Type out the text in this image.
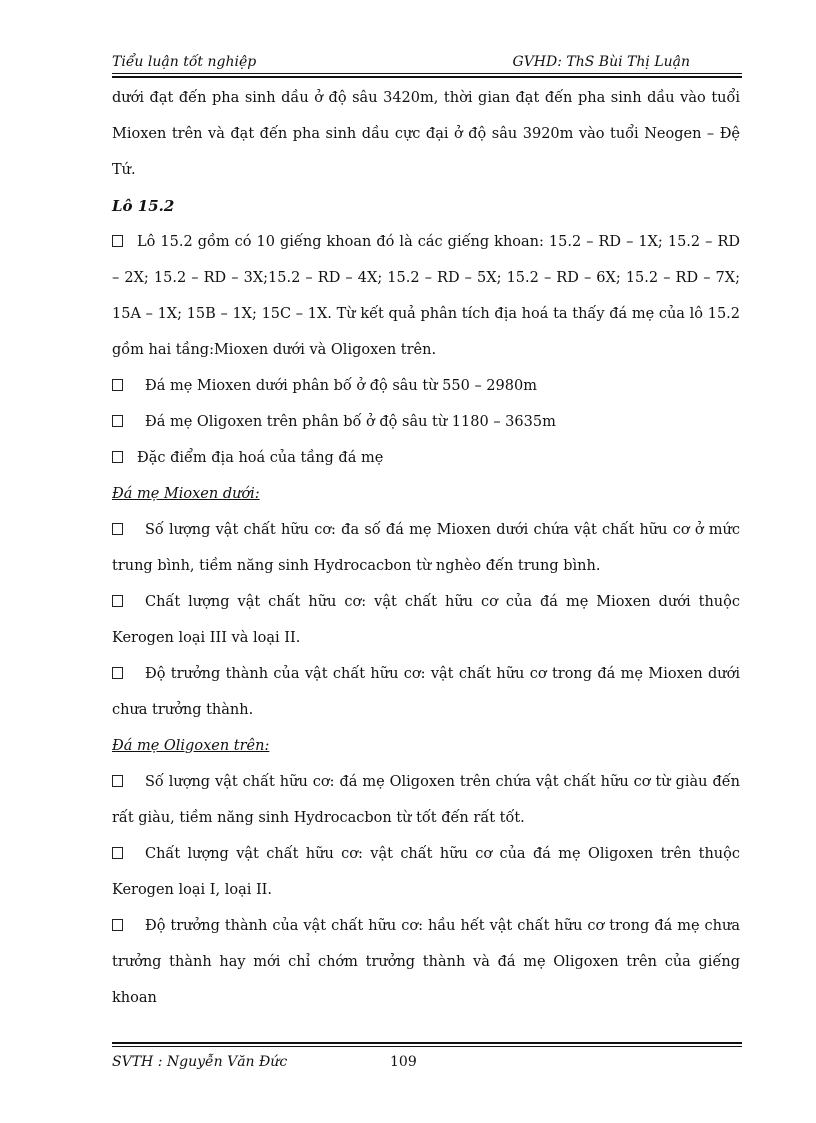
Tiểu luận tốt nghiệp	GVHD: ThS Bùi Thị Luận

dưới đạt đến pha sinh dầu ở độ sâu 3420m, thời gian đạt đến pha sinh dầu vào tuổi

Mioxen trên và đạt đến pha sinh dầu cực đại ở độ sâu 3920m vào tuổi Neogen – Đệ

Tứ.

Lô 15.2

Lô 15.2 gồm có 10 giếng khoan đó là các giếng khoan: 15.2 – RD – 1X; 15.2 – RD – 2X; 15.2 – RD – 3X;15.2 – RD – 4X; 15.2 – RD – 5X; 15.2 – RD – 6X; 15.2 – RD – 7X; 15A – 1X; 15B – 1X; 15C – 1X. Từ kết quả phân tích địa hoá ta thấy đá mẹ của lô 15.2 gồm hai tầng:Mioxen dưới và Oligoxen trên.

Đá mẹ Mioxen dưới phân bố ở độ sâu từ 550 – 2980m

Đá mẹ Oligoxen trên phân bố ở độ sâu từ 1180 – 3635m

Đặc điểm địa hoá của tầng đá mẹ

Đá mẹ Mioxen dưới:

Số lượng vật chất hữu cơ: đa số đá mẹ Mioxen dưới chứa vật chất hữu cơ ở mức trung bình, tiềm năng sinh Hydrocacbon từ nghèo đến trung bình.

Chất lượng vật chất hữu cơ: vật chất hữu cơ của đá mẹ Mioxen dưới thuộc Kerogen loại III và loại II.

Độ trưởng thành của vật chất hữu cơ: vật chất hữu cơ trong đá mẹ Mioxen dưới chưa trưởng thành.

Đá mẹ Oligoxen trên:

Số lượng vật chất hữu cơ: đá mẹ Oligoxen trên chứa vật chất hữu cơ từ giàu đến rất giàu, tiềm năng sinh Hydrocacbon từ tốt đến rất tốt.

Chất lượng vật chất hữu cơ: vật chất hữu cơ của đá mẹ Oligoxen trên thuộc Kerogen loại I, loại II.

Độ trưởng thành của vật chất hữu cơ: hầu hết vật chất hữu cơ trong đá mẹ chưa trưởng thành hay mới chỉ chớm trưởng thành và đá mẹ Oligoxen trên của giếng khoan

SVTH : Nguyễn Văn Đức	109
